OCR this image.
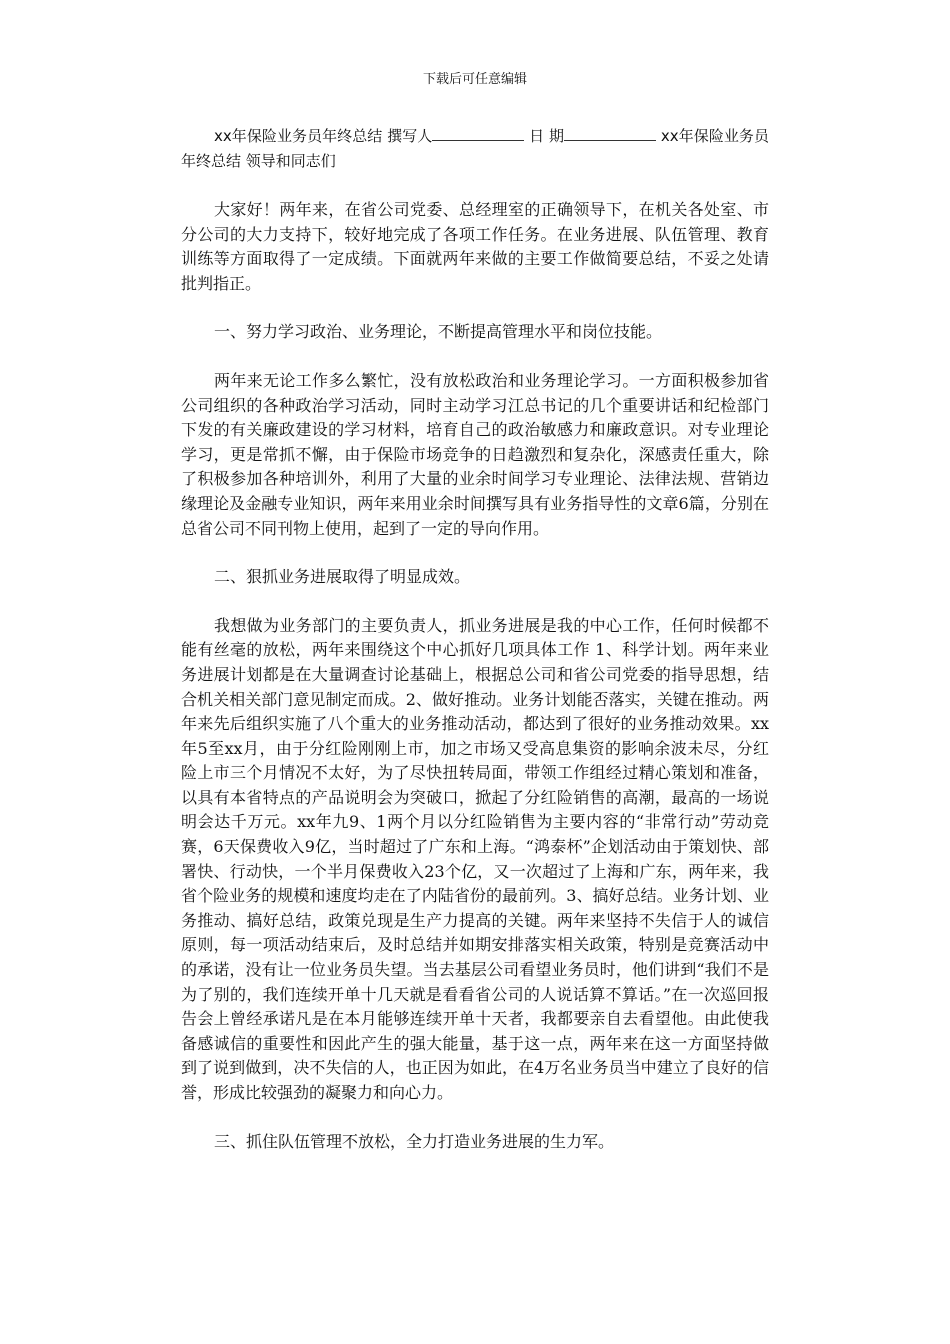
下载后可任意编辑

xx年保险业务员年终总结 撰写人	日 期	xx年保险业务员年终总结 领导和同志们

大家好！两年来，在省公司党委、总经理室的正确领导下，在机关各处室、市分公司的大力支持下，较好地完成了各项工作任务。在业务进展、队伍管理、教育训练等方面取得了一定成绩。下面就两年来做的主要工作做简要总结，不妥之处请批判指正。

一、努力学习政治、业务理论，不断提高管理水平和岗位技能。

两年来无论工作多么繁忙，没有放松政治和业务理论学习。一方面积极参加省公司组织的各种政治学习活动，同时主动学习江总书记的几个重要讲话和纪检部门下发的有关廉政建设的学习材料，培育自己的政治敏感力和廉政意识。对专业理论学习，更是常抓不懈，由于保险市场竞争的日趋激烈和复杂化，深感责任重大，除了积极参加各种培训外，利用了大量的业余时间学习专业理论、法律法规、营销边缘理论及金融专业知识，两年来用业余时间撰写具有业务指导性的文章6篇，分别在总省公司不同刊物上使用，起到了一定的导向作用。

二、狠抓业务进展取得了明显成效。

我想做为业务部门的主要负责人，抓业务进展是我的中心工作，任何时候都不能有丝毫的放松，两年来围绕这个中心抓好几项具体工作 1、科学计划。两年来业务进展计划都是在大量调查讨论基础上，根据总公司和省公司党委的指导思想，结合机关相关部门意见制定而成。2、做好推动。业务计划能否落实，关键在推动。两年来先后组织实施了八个重大的业务推动活动，都达到了很好的业务推动效果。xx年5至xx月，由于分红险刚刚上市，加之市场又受高息集资的影响余波未尽，分红险上市三个月情况不太好，为了尽快扭转局面，带领工作组经过精心策划和准备，以具有本省特点的产品说明会为突破口，掀起了分红险销售的高潮，最高的一场说明会达千万元。xx年九9、1两个月以分红险销售为主要内容的“非常行动”劳动竞赛，6天保费收入9亿，当时超过了广东和上海。“鸿泰杯”企划活动由于策划快、部署快、行动快，一个半月保费收入23个亿，又一次超过了上海和广东，两年来，我省个险业务的规模和速度均走在了内陆省份的最前列。3、搞好总结。业务计划、业务推动、搞好总结，政策兑现是生产力提高的关键。两年来坚持不失信于人的诚信原则，每一项活动结束后，及时总结并如期安排落实相关政策，特别是竞赛活动中的承诺，没有让一位业务员失望。当去基层公司看望业务员时，他们讲到“我们不是为了别的，我们连续开单十几天就是看看省公司的人说话算不算话。”在一次巡回报告会上曾经承诺凡是在本月能够连续开单十天者，我都要亲自去看望他。由此使我备感诚信的重要性和因此产生的强大能量，基于这一点，两年来在这一方面坚持做到了说到做到，决不失信的人，也正因为如此，在4万名业务员当中建立了良好的信誉，形成比较强劲的凝聚力和向心力。

三、抓住队伍管理不放松，全力打造业务进展的生力军。
